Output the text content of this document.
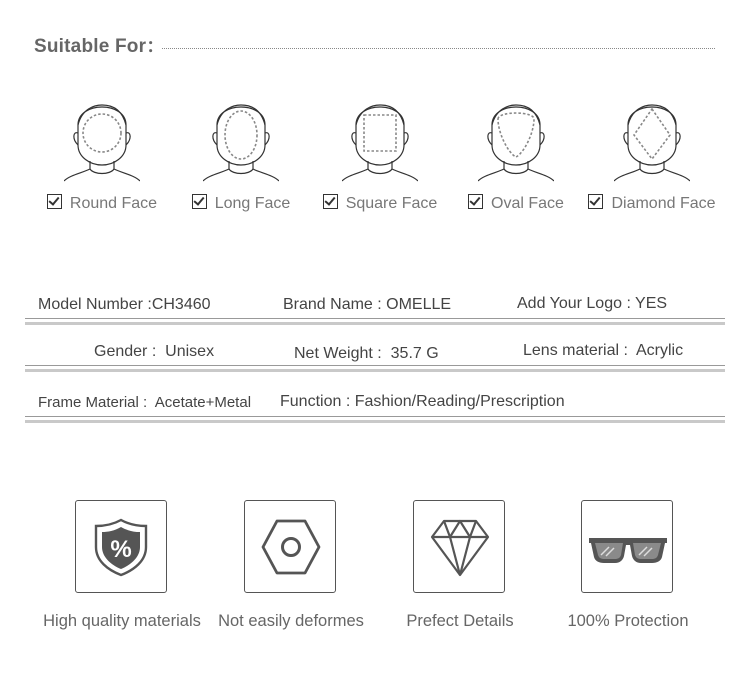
Suitable For：
Round Face	Long Face	Square Face	Oval Face	Diamond Face
Model Number :CH3460	Brand Name : OMELLE	Add Your Logo : YES
Gender : Unisex	Net Weight : 35.7 G	Lens material : Acrylic
Frame Material : Acetate+Metal Function : Fashion/Reading/Prescription
%
High quality materials	Not easily deformes	Prefect Details	100% Protection
